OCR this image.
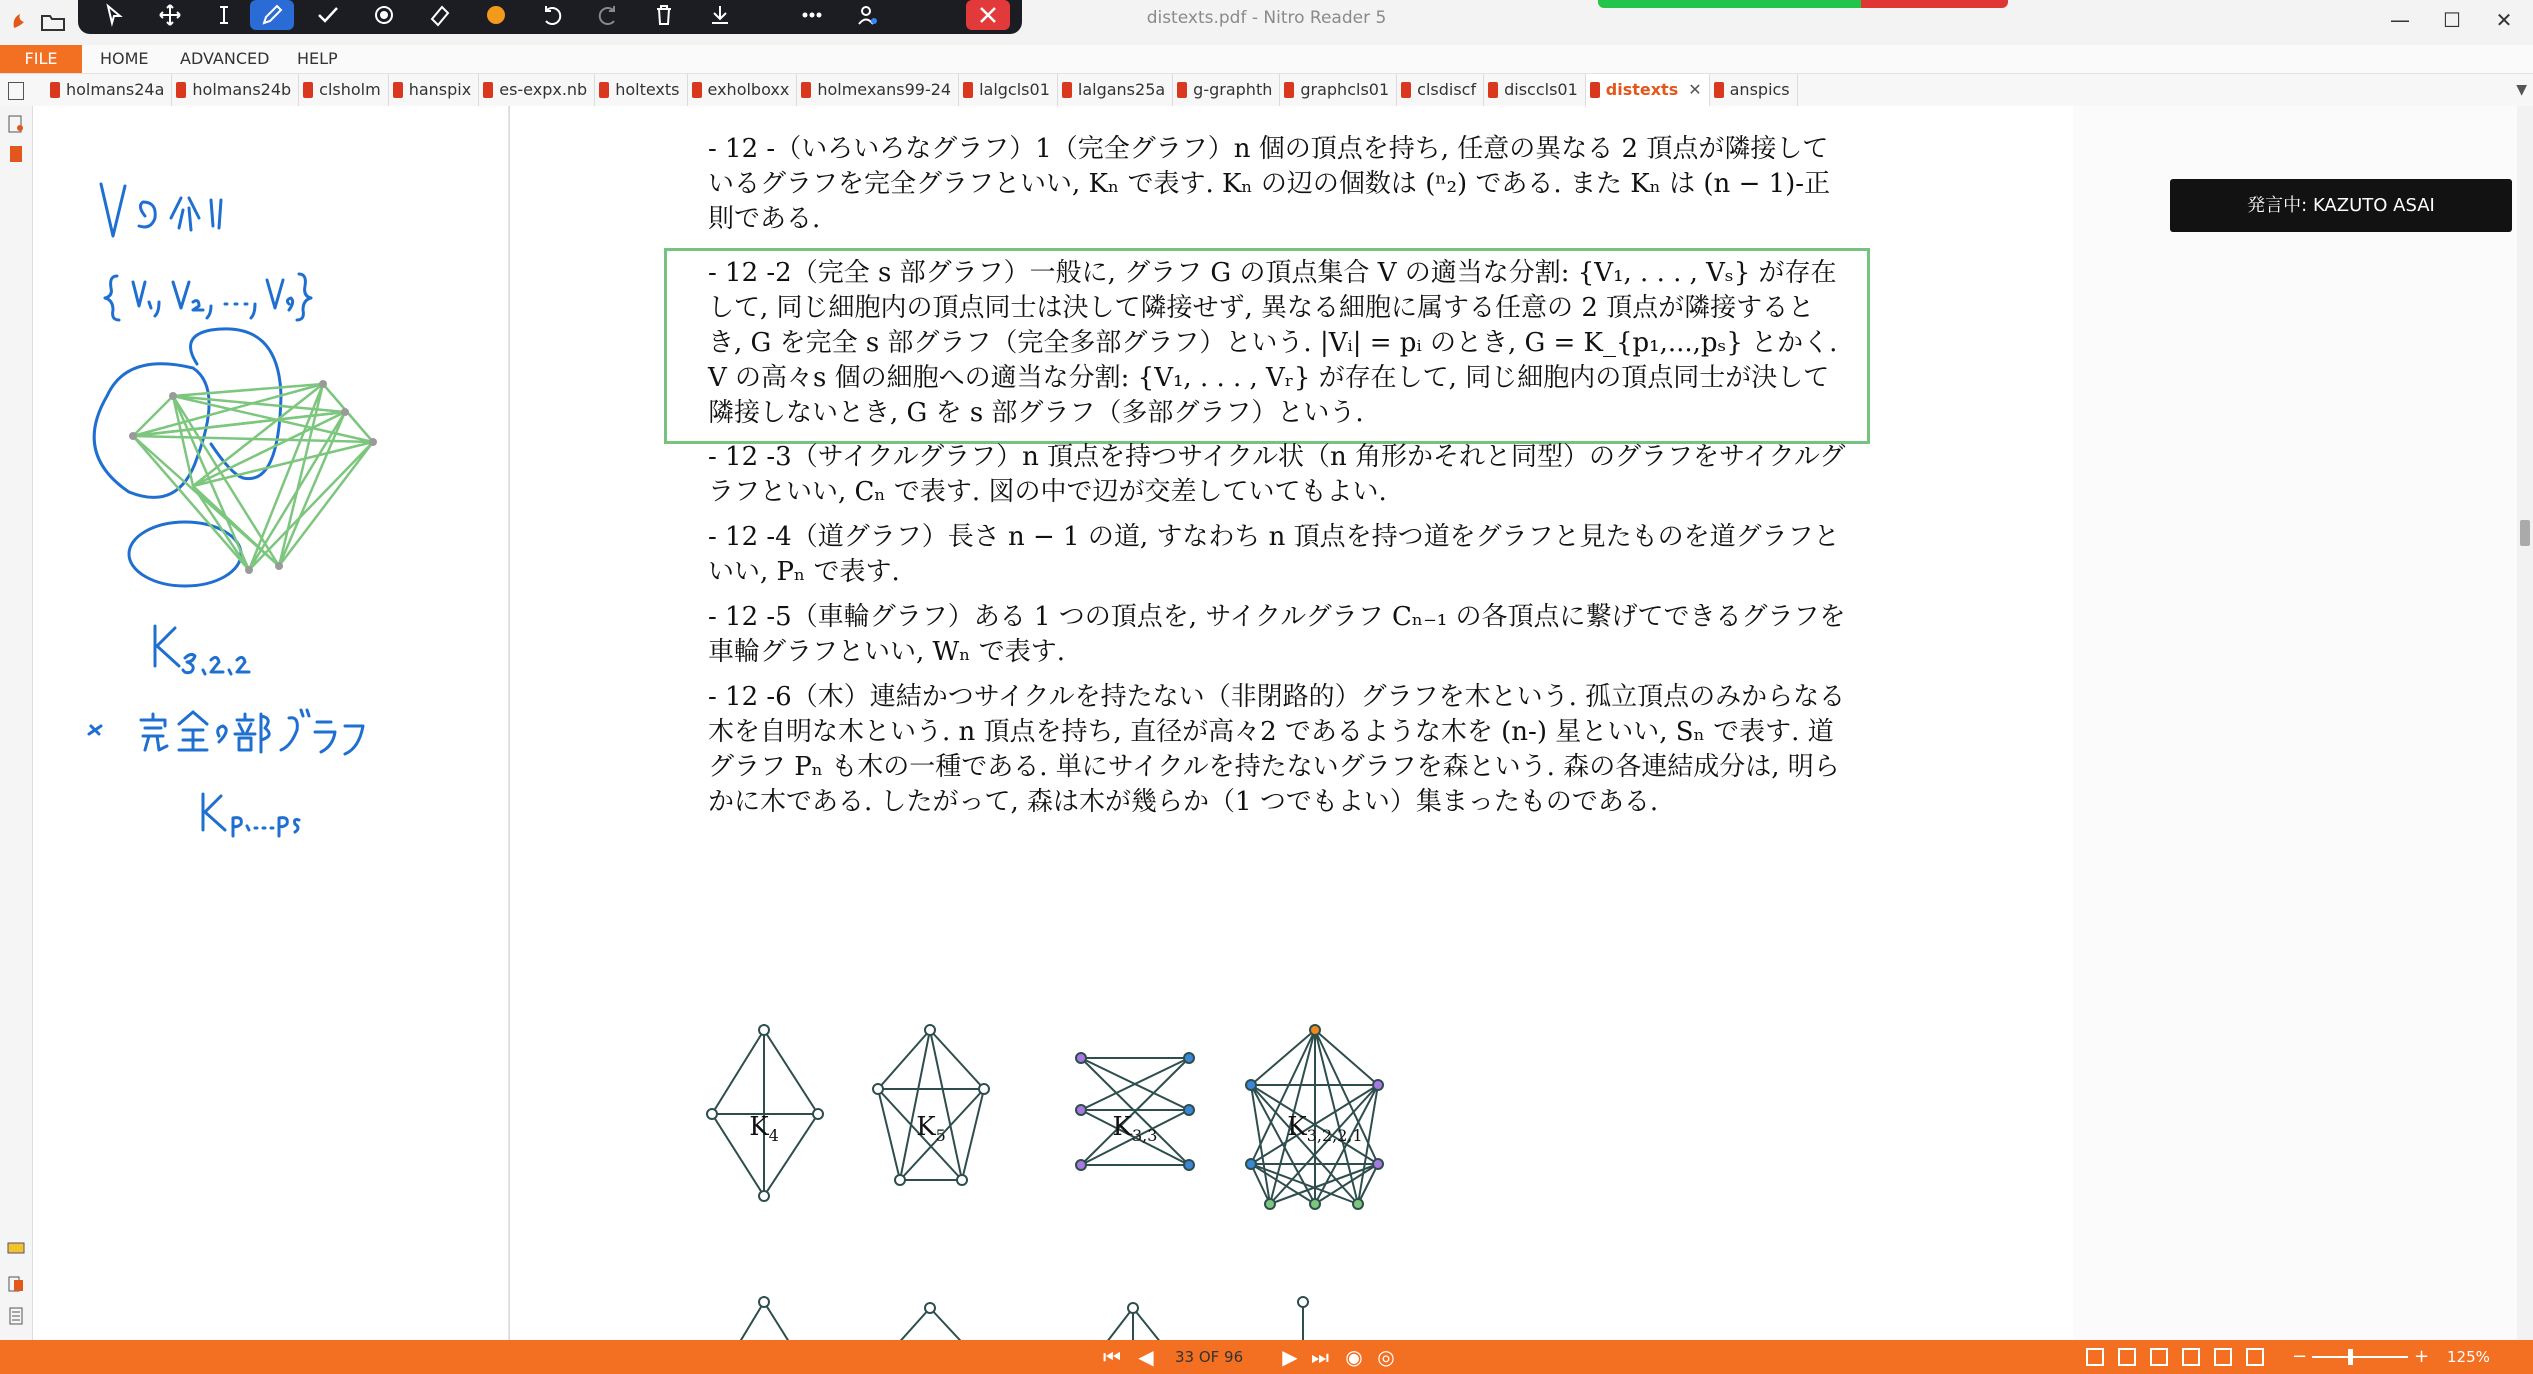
distexts.pdf - Nitro Reader 5	—	☐	✕
FILE	HOME ADVANCED HELP
holmans24a holmans24b clsholm hanspix es-expx.nb holtexts exholboxx holmexans99-24 lalgcls01 lalgans25a g-graphth graphcls01 clsdiscf disccls01 distexts ✕ anspics	▼
- 12 -（いろいろなグラフ）1（完全グラフ）n 個の頂点を持ち, 任意の異なる 2 頂点が隣接しているグラフを完全グラフといい, Kₙ で表す. Kₙ の辺の個数は (ⁿ₂) である. また Kₙ は (n − 1)-正則である.
- 12 -2（完全 s 部グラフ）一般に, グラフ G の頂点集合 V の適当な分割: {V₁, . . . , Vₛ} が存在して, 同じ細胞内の頂点同士は決して隣接せず, 異なる細胞に属する任意の 2 頂点が隣接するとき, G を完全 s 部グラフ（完全多部グラフ）という. |Vᵢ| = pᵢ のとき, G = K_{p₁,...,pₛ} とかく. V の高々s 個の細胞への適当な分割: {V₁, . . . , Vᵣ} が存在して, 同じ細胞内の頂点同士が決して隣接しないとき, G を s 部グラフ（多部グラフ）という.
- 12 -3（サイクルグラフ）n 頂点を持つサイクル状（n 角形かそれと同型）のグラフをサイクルグラフといい, Cₙ で表す. 図の中で辺が交差していてもよい.
- 12 -4（道グラフ）長さ n − 1 の道, すなわち n 頂点を持つ道をグラフと見たものを道グラフといい, Pₙ で表す.
- 12 -5（車輪グラフ）ある 1 つの頂点を, サイクルグラフ Cₙ₋₁ の各頂点に繋げてできるグラフを車輪グラフといい, Wₙ で表す.
- 12 -6（木）連結かつサイクルを持たない（非閉路的）グラフを木という. 孤立頂点のみからなる木を自明な木という. n 頂点を持ち, 直径が高々2 であるような木を (n-) 星といい, Sₙ で表す. 道グラフ Pₙ も木の一種である. 単にサイクルを持たないグラフを森という. 森の各連結成分は, 明らかに木である. したがって, 森は木が幾らか（1 つでもよい）集まったものである.
$K_4$	$K_5$	$K_{3,3}$	$K_{3,2,2,1}$
発言中: KAZUTO ASAI
⏮ ◀ 33 OF 96 ▶ ⏭ ◉ ◎	−	+ 125%
